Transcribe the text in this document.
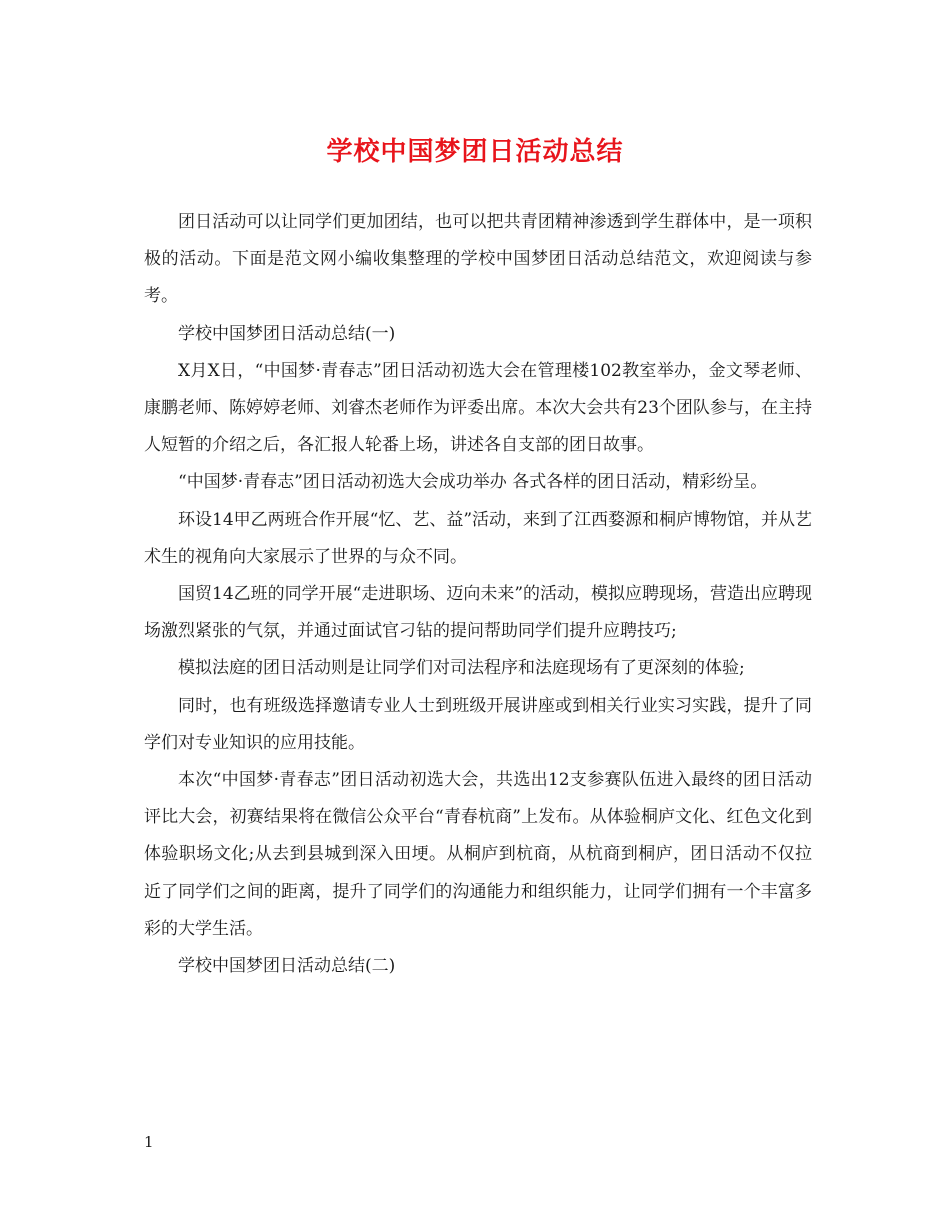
学校中国梦团日活动总结

团日活动可以让同学们更加团结，也可以把共青团精神渗透到学生群体中，是一项积极的活动。下面是范文网小编收集整理的学校中国梦团日活动总结范文，欢迎阅读与参考。

学校中国梦团日活动总结(一)

X月X日，“中国梦·青春志”团日活动初选大会在管理楼102教室举办，金文琴老师、康鹏老师、陈婷婷老师、刘睿杰老师作为评委出席。本次大会共有23个团队参与，在主持人短暂的介绍之后，各汇报人轮番上场，讲述各自支部的团日故事。

“中国梦·青春志”团日活动初选大会成功举办 各式各样的团日活动，精彩纷呈。

环设14甲乙两班合作开展“忆、艺、益”活动，来到了江西婺源和桐庐博物馆，并从艺术生的视角向大家展示了世界的与众不同。

国贸14乙班的同学开展“走进职场、迈向未来”的活动，模拟应聘现场，营造出应聘现场激烈紧张的气氛，并通过面试官刁钻的提问帮助同学们提升应聘技巧;

模拟法庭的团日活动则是让同学们对司法程序和法庭现场有了更深刻的体验;

同时，也有班级选择邀请专业人士到班级开展讲座或到相关行业实习实践，提升了同学们对专业知识的应用技能。

本次“中国梦·青春志”团日活动初选大会，共选出12支参赛队伍进入最终的团日活动评比大会，初赛结果将在微信公众平台“青春杭商”上发布。从体验桐庐文化、红色文化到体验职场文化;从去到县城到深入田埂。从桐庐到杭商，从杭商到桐庐，团日活动不仅拉近了同学们之间的距离，提升了同学们的沟通能力和组织能力，让同学们拥有一个丰富多彩的大学生活。

学校中国梦团日活动总结(二)

1
